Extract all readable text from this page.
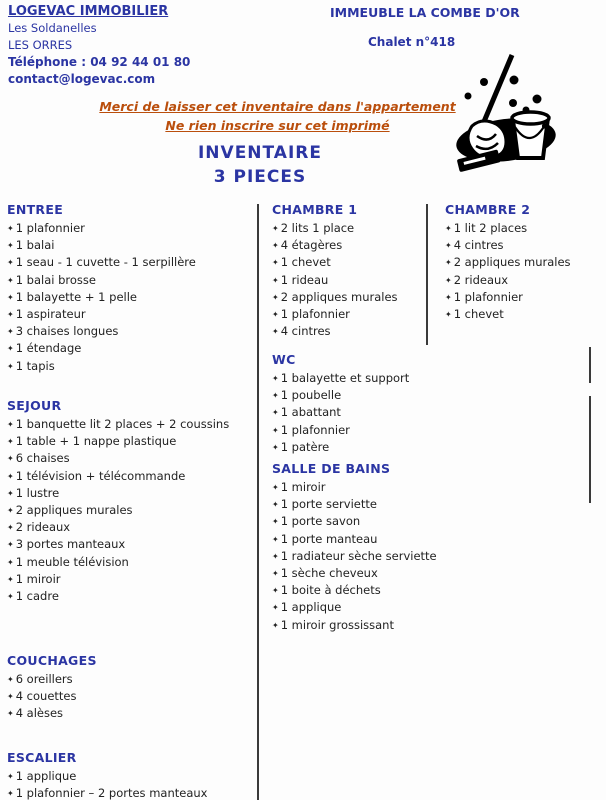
LOGEVAC IMMOBILIER
Les Soldanelles
LES ORRES
Téléphone : 04 92 44 01 80
contact@logevac.com
IMMEUBLE LA COMBE D'OR
Chalet n°418
Merci de laisser cet inventaire dans l'appartement
Ne rien inscrire sur cet imprimé
INVENTAIRE
3 PIECES
ENTREE
✦ 1 plafonnier
✦ 1 balai
✦ 1 seau - 1 cuvette - 1 serpillère
✦ 1 balai brosse
✦ 1 balayette + 1 pelle
✦ 1 aspirateur
✦ 3 chaises longues
✦ 1 étendage
✦ 1 tapis
SEJOUR
✦ 1 banquette lit 2 places + 2 coussins
✦ 1 table + 1 nappe plastique
✦ 6 chaises
✦ 1 télévision + télécommande
✦ 1 lustre
✦ 2 appliques murales
✦ 2 rideaux
✦ 3 portes manteaux
✦ 1 meuble télévision
✦ 1 miroir
✦ 1 cadre
COUCHAGES
✦ 6 oreillers
✦ 4 couettes
✦ 4 alèses
ESCALIER
✦ 1 applique
✦ 1 plafonnier – 2 portes manteaux
CHAMBRE 1
✦ 2 lits 1 place
✦ 4 étagères
✦ 1 chevet
✦ 1 rideau
✦ 2 appliques murales
✦ 1 plafonnier
✦ 4 cintres
WC
✦ 1 balayette et support
✦ 1 poubelle
✦ 1 abattant
✦ 1 plafonnier
✦ 1 patère
SALLE DE BAINS
✦ 1 miroir
✦ 1 porte serviette
✦ 1 porte savon
✦ 1 porte manteau
✦ 1 radiateur sèche serviette
✦ 1 sèche cheveux
✦ 1 boite à déchets
✦ 1 applique
✦ 1 miroir grossissant
CHAMBRE 2
✦ 1 lit 2 places
✦ 4 cintres
✦ 2 appliques murales
✦ 2 rideaux
✦ 1 plafonnier
✦ 1 chevet
